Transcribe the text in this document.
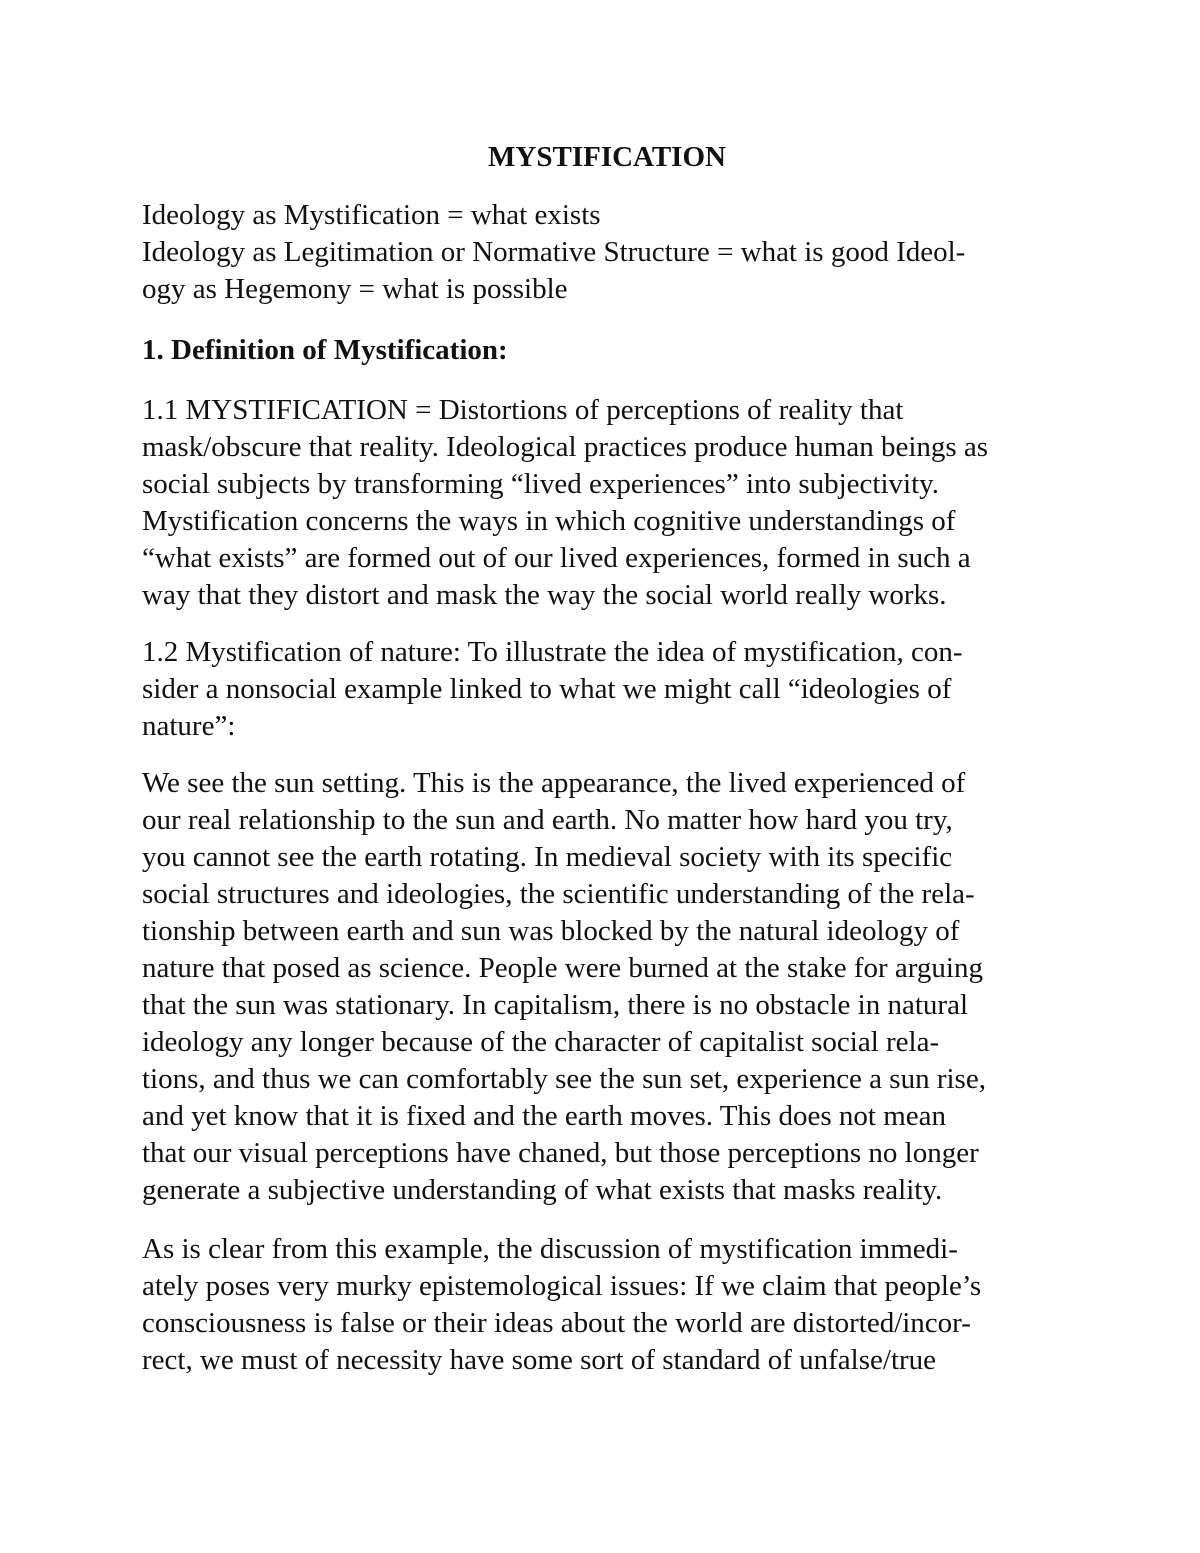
MYSTIFICATION
Ideology as Mystification = what exists
Ideology as Legitimation or Normative Structure = what is good Ideol-
ogy as Hegemony = what is possible
1. Definition of Mystification:
1.1 MYSTIFICATION = Distortions of perceptions of reality that
mask/obscure that reality. Ideological practices produce human beings as
social subjects by transforming “lived experiences” into subjectivity.
Mystification concerns the ways in which cognitive understandings of
“what exists” are formed out of our lived experiences, formed in such a
way that they distort and mask the way the social world really works.
1.2 Mystification of nature: To illustrate the idea of mystification, con-
sider a nonsocial example linked to what we might call “ideologies of
nature”:
We see the sun setting. This is the appearance, the lived experienced of
our real relationship to the sun and earth. No matter how hard you try,
you cannot see the earth rotating. In medieval society with its specific
social structures and ideologies, the scientific understanding of the rela-
tionship between earth and sun was blocked by the natural ideology of
nature that posed as science. People were burned at the stake for arguing
that the sun was stationary. In capitalism, there is no obstacle in natural
ideology any longer because of the character of capitalist social rela-
tions, and thus we can comfortably see the sun set, experience a sun rise,
and yet know that it is fixed and the earth moves. This does not mean
that our visual perceptions have chaned, but those perceptions no longer
generate a subjective understanding of what exists that masks reality.
As is clear from this example, the discussion of mystification immedi-
ately poses very murky epistemological issues: If we claim that people’s
consciousness is false or their ideas about the world are distorted/incor-
rect, we must of necessity have some sort of standard of unfalse/true
